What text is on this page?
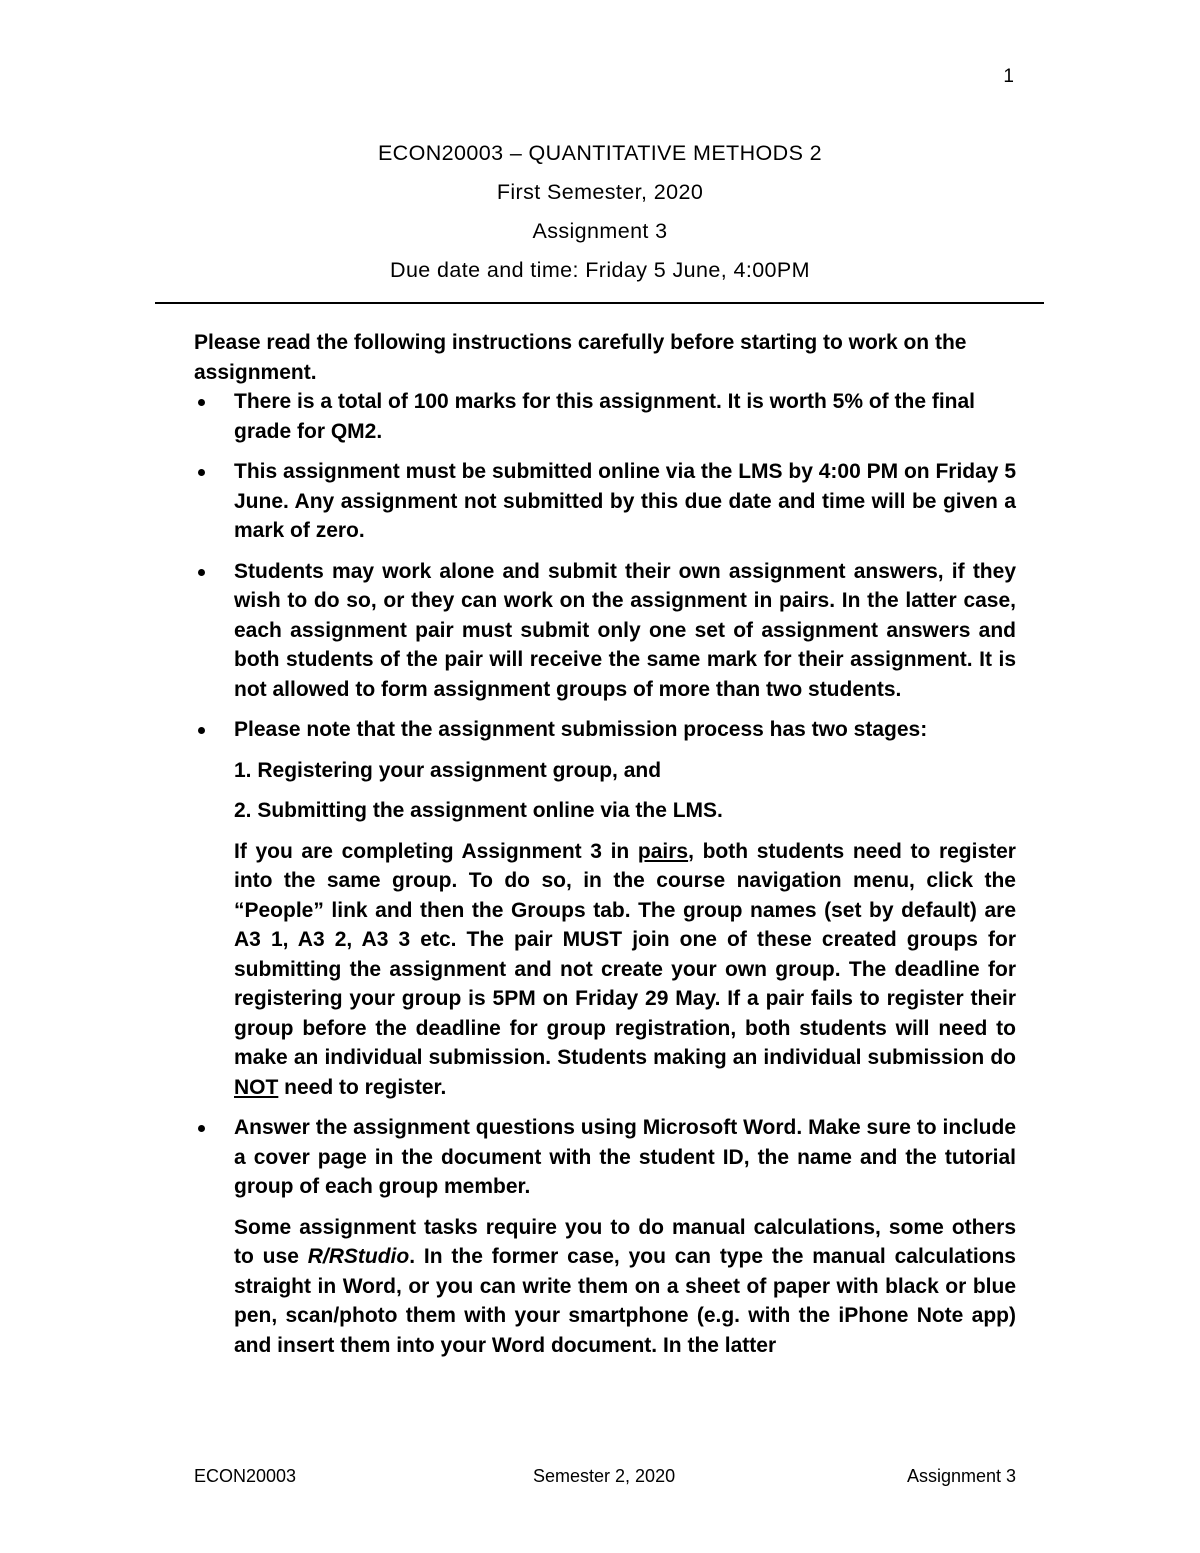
1
ECON20003 – QUANTITATIVE METHODS 2
First Semester, 2020
Assignment 3
Due date and time: Friday 5 June, 4:00PM

Please read the following instructions carefully before starting to work on the assignment.

There is a total of 100 marks for this assignment. It is worth 5% of the final grade for QM2.

This assignment must be submitted online via the LMS by 4:00 PM on Friday 5 June. Any assignment not submitted by this due date and time will be given a mark of zero.

Students may work alone and submit their own assignment answers, if they wish to do so, or they can work on the assignment in pairs. In the latter case, each assignment pair must submit only one set of assignment answers and both students of the pair will receive the same mark for their assignment. It is not allowed to form assignment groups of more than two students.

Please note that the assignment submission process has two stages:

1. Registering your assignment group, and

2. Submitting the assignment online via the LMS.

If you are completing Assignment 3 in pairs, both students need to register into the same group. To do so, in the course navigation menu, click the “People” link and then the Groups tab. The group names (set by default) are A3 1, A3 2, A3 3 etc. The pair MUST join one of these created groups for submitting the assignment and not create your own group. The deadline for registering your group is 5PM on Friday 29 May. If a pair fails to register their group before the deadline for group registration, both students will need to make an individual submission. Students making an individual submission do NOT need to register.

Answer the assignment questions using Microsoft Word. Make sure to include a cover page in the document with the student ID, the name and the tutorial group of each group member.

Some assignment tasks require you to do manual calculations, some others to use R/RStudio. In the former case, you can type the manual calculations straight in Word, or you can write them on a sheet of paper with black or blue pen, scan/photo them with your smartphone (e.g. with the iPhone Note app) and insert them into your Word document. In the latter

ECON20003	Semester 2, 2020	Assignment 3
